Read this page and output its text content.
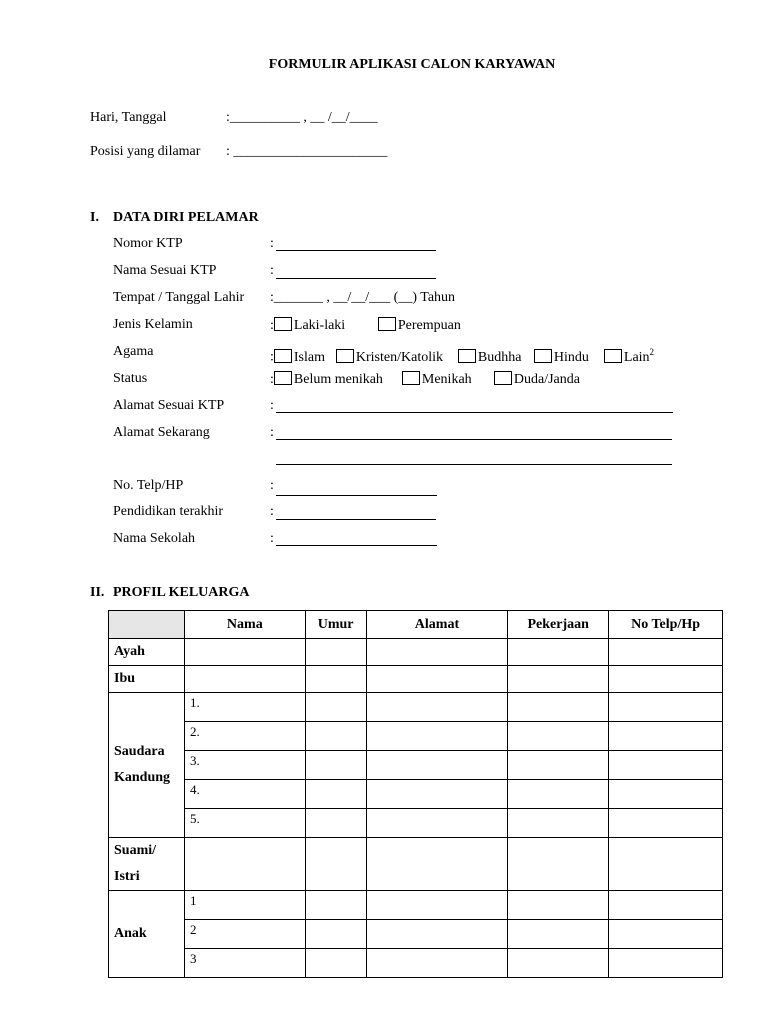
FORMULIR APLIKASI CALON KARYAWAN
Hari, Tanggal	:__________ , __ /__/____
Posisi yang dilamar : ______________________
I. DATA DIRI PELAMAR
Nomor KTP	:
Nama Sesuai KTP	:
Tempat / Tanggal Lahir :_______ , __/__/___ (__) Tahun
Jenis Kelamin	: Laki-laki	Perempuan
Agama	: Islam Kristen/Katolik Budhha Hindu	Lain$^2$
Status	: Belum menikah	Menikah	Duda/Janda
Alamat Sesuai KTP	:
Alamat Sekarang	:
No. Telp/HP	:
Pendidikan terakhir	:
Nama Sekolah	:
II. PROFIL KELUARGA
	Nama	Umur	Alamat	Pekerjaan	No Telp/Hp
Ayah					
Ibu					
Saudara
Kandung	1.				
	2.				
	3.				
	4.				
	5.				
Suami/
Istri					
Anak	1				
	2				
	3				
